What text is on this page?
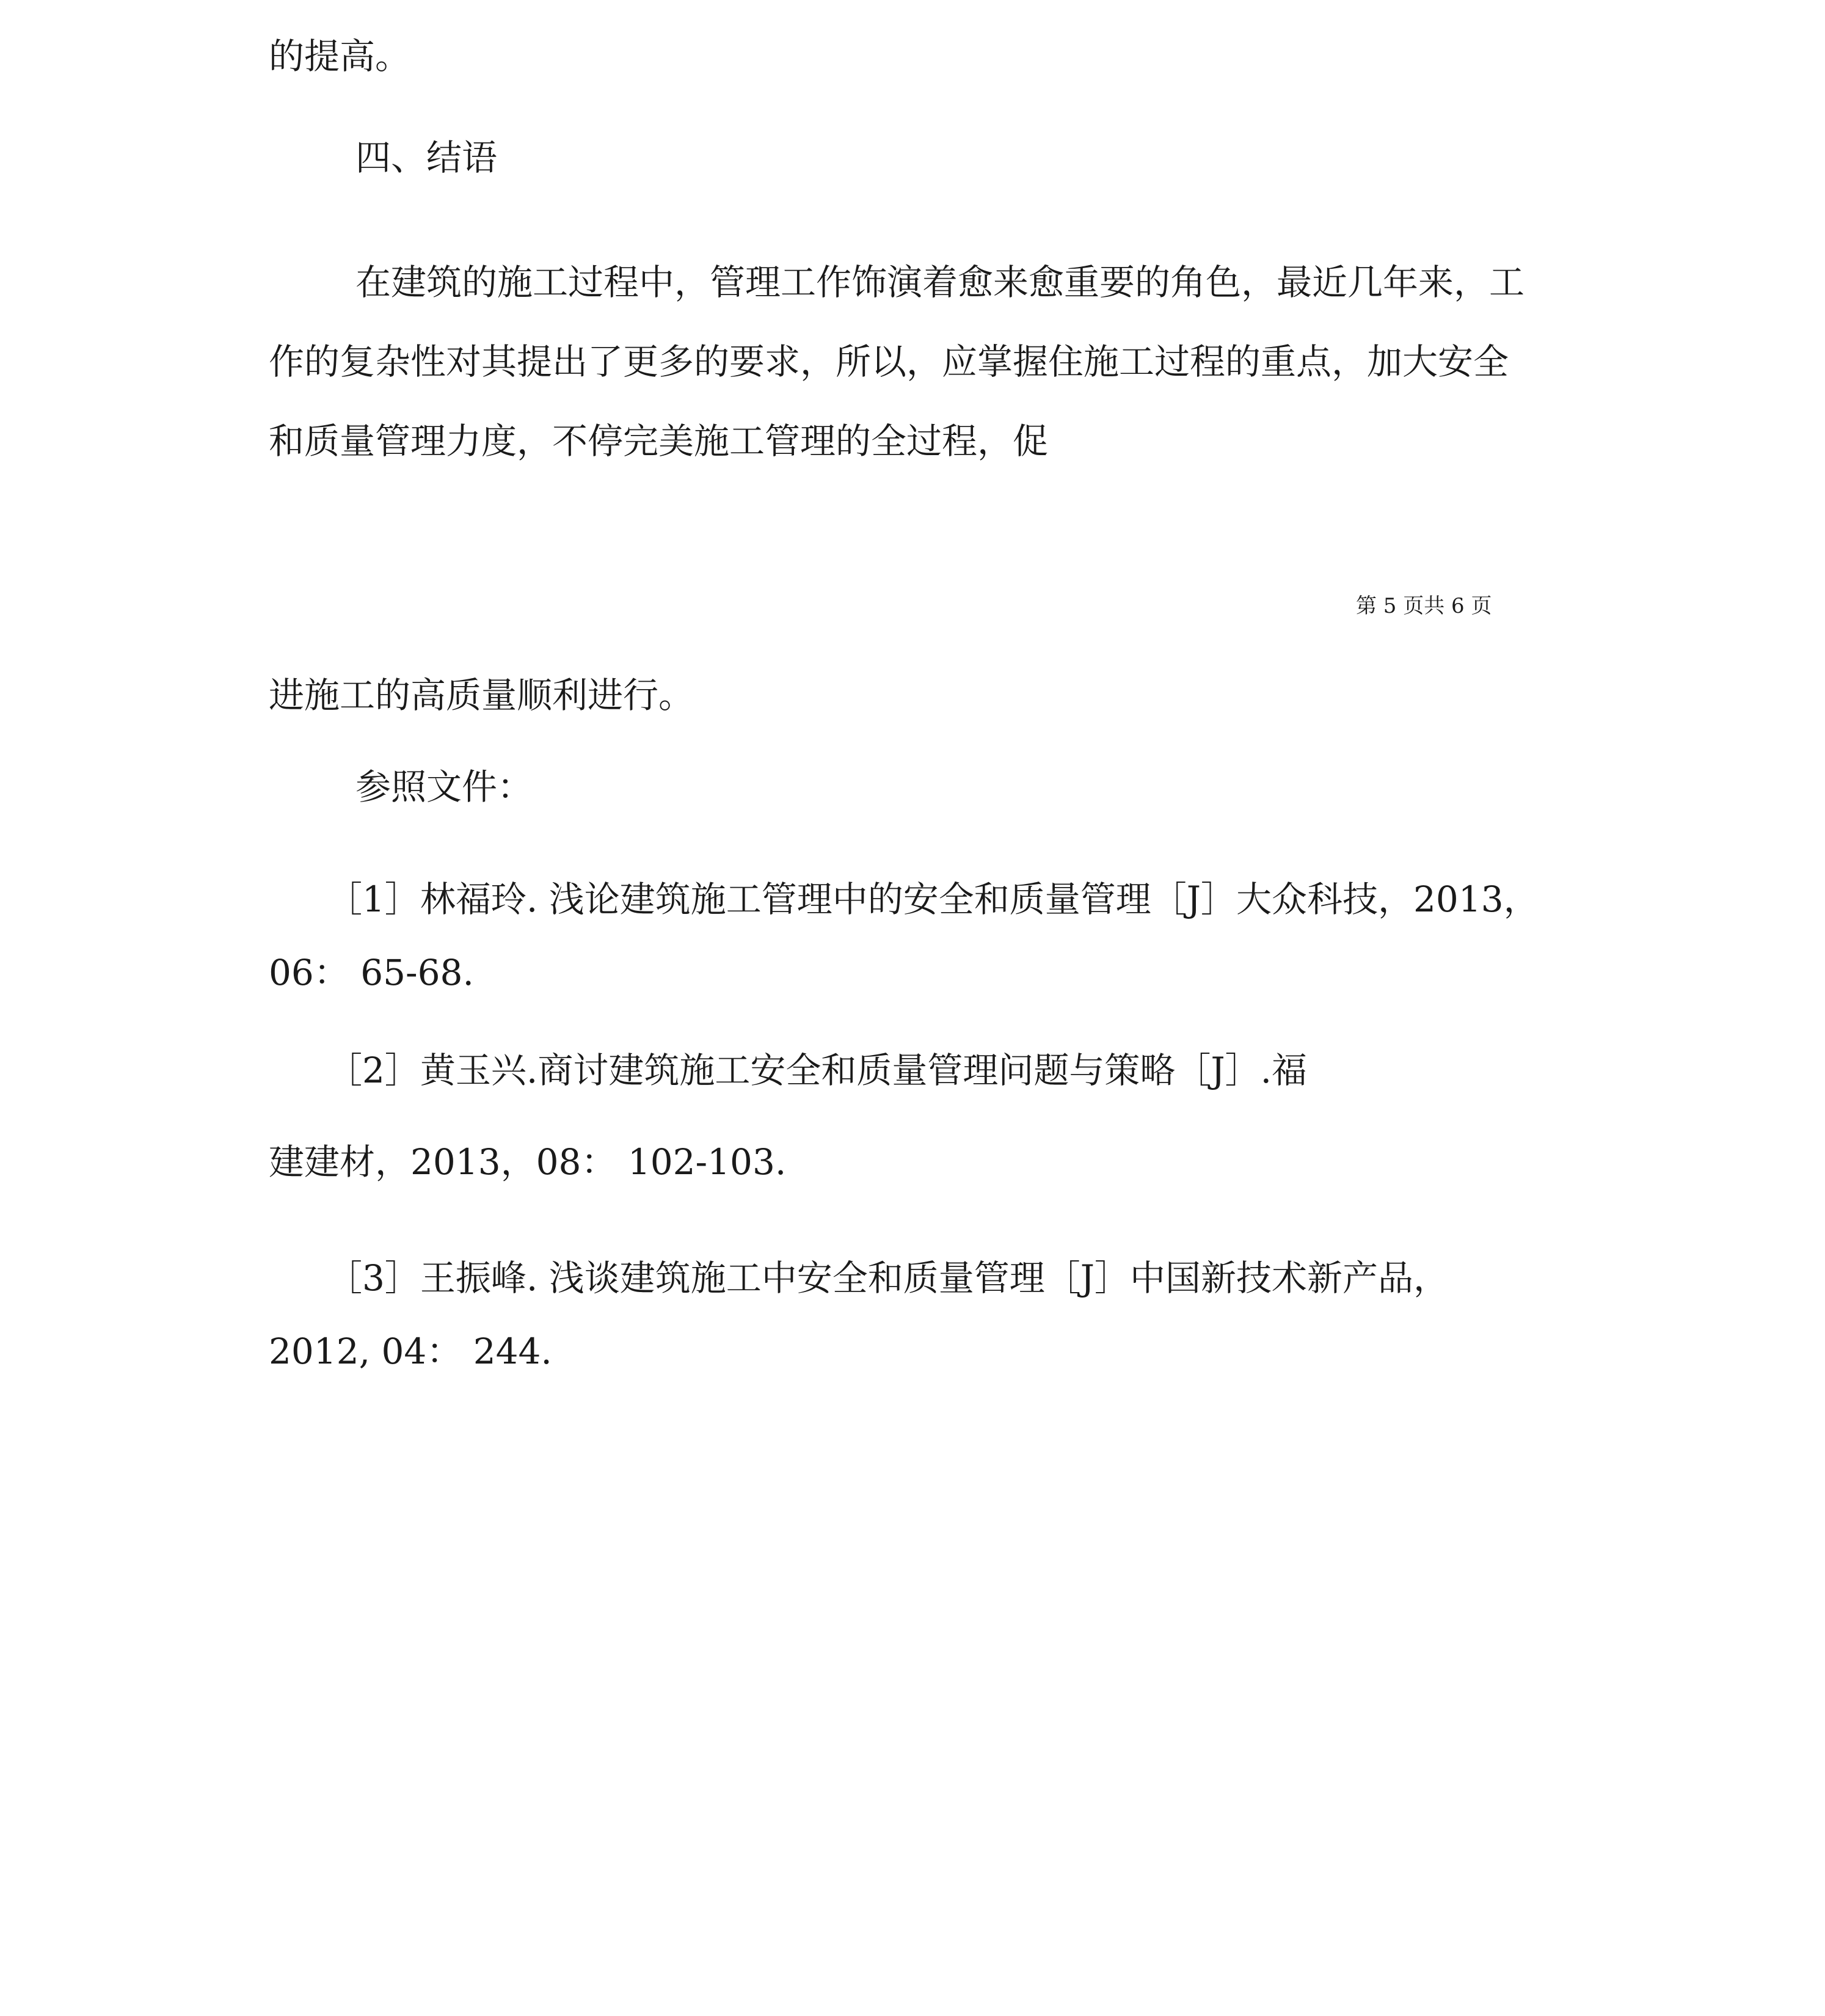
的提高。
四、结语
在建筑的施工过程中，管理工作饰演着愈来愈重要的角色，最近几年来，工
作的复杂性对其提出了更多的要求，所以，应掌握住施工过程的重点，加大安全
和质量管理力度，不停完美施工管理的全过程，促
第 5 页共 6 页
进施工的高质量顺利进行。
参照文件：
［1］林福玲. 浅论建筑施工管理中的安全和质量管理［J］大众科技，2013，
06： 65-68.
［2］黄玉兴.商讨建筑施工安全和质量管理问题与策略［J］.福
建建材，2013，08： 102-103.
［3］王振峰. 浅谈建筑施工中安全和质量管理［J］中国新技术新产品，
2012, 04： 244.
